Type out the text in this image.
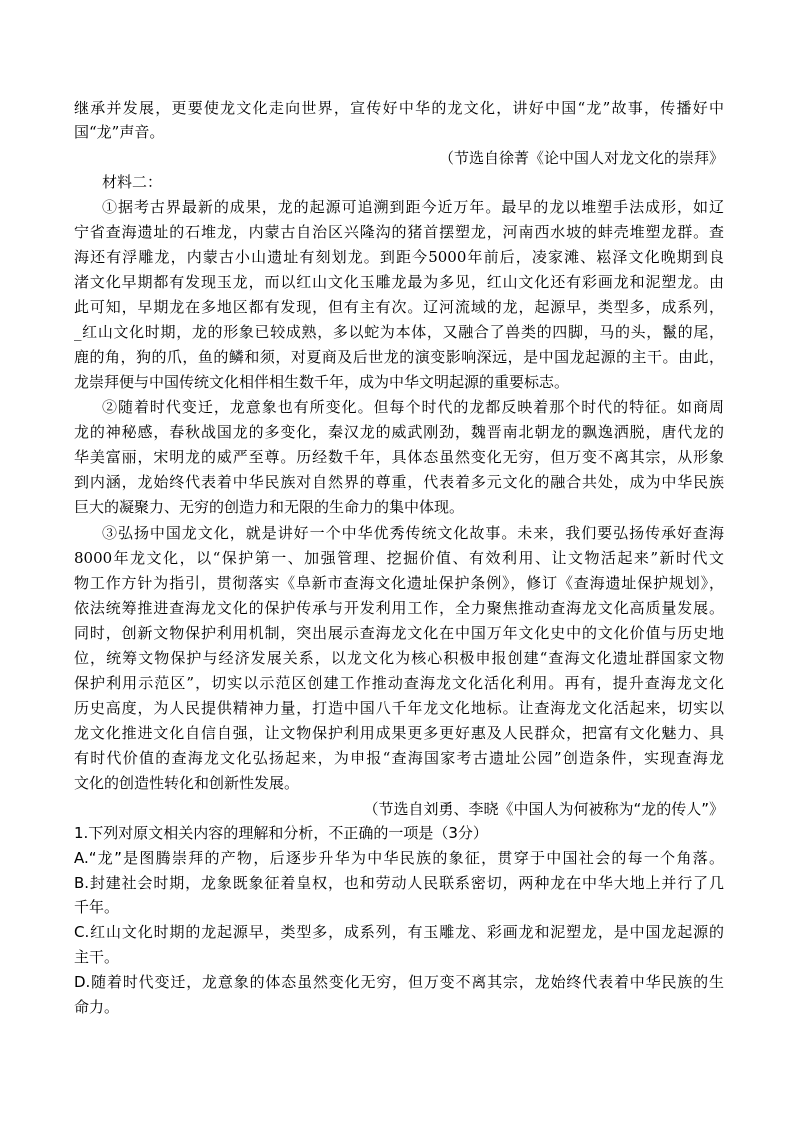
继承并发展，更要使龙文化走向世界，宣传好中华的龙文化，讲好中国“龙”故事，传播好中
国“龙”声音。
（节选自徐菁《论中国人对龙文化的崇拜》
材料二：
①据考古界最新的成果，龙的起源可追溯到距今近万年。最早的龙以堆塑手法成形，如辽
宁省查海遗址的石堆龙，内蒙古自治区兴隆沟的猪首摆塑龙，河南西水坡的蚌壳堆塑龙群。查
海还有浮雕龙，内蒙古小山遗址有刻划龙。到距今5000年前后，凌家滩、崧泽文化晚期到良
渚文化早期都有发现玉龙，而以红山文化玉雕龙最为多见，红山文化还有彩画龙和泥塑龙。由
此可知，早期龙在多地区都有发现，但有主有次。辽河流域的龙，起源早，类型多，成系列，
_红山文化时期，龙的形象已较成熟，多以蛇为本体，又融合了兽类的四脚，马的头，鬣的尾，
鹿的角，狗的爪，鱼的鳞和须，对夏商及后世龙的演变影响深远，是中国龙起源的主干。由此，
龙崇拜便与中国传统文化相伴相生数千年，成为中华文明起源的重要标志。
②随着时代变迁，龙意象也有所变化。但每个时代的龙都反映着那个时代的特征。如商周
龙的神秘感，春秋战国龙的多变化，秦汉龙的威武刚劲，魏晋南北朝龙的飘逸洒脱，唐代龙的
华美富丽，宋明龙的威严至尊。历经数千年，具体态虽然变化无穷，但万变不离其宗，从形象
到内涵，龙始终代表着中华民族对自然界的尊重，代表着多元文化的融合共处，成为中华民族
巨大的凝聚力、无穷的创造力和无限的生命力的集中体现。
③弘扬中国龙文化，就是讲好一个中华优秀传统文化故事。未来，我们要弘扬传承好查海
8000年龙文化，以“保护第一、加强管理、挖掘价值、有效利用、让文物活起来”新时代文
物工作方针为指引，贯彻落实《阜新市查海文化遗址保护条例》，修订《查海遗址保护规划》，
依法统筹推进查海龙文化的保护传承与开发利用工作，全力聚焦推动查海龙文化高质量发展。
同时，创新文物保护利用机制，突出展示查海龙文化在中国万年文化史中的文化价值与历史地
位，统筹文物保护与经济发展关系，以龙文化为核心积极申报创建“查海文化遗址群国家文物
保护利用示范区”，切实以示范区创建工作推动查海龙文化活化利用。再有，提升查海龙文化
历史高度，为人民提供精神力量，打造中国八千年龙文化地标。让查海龙文化活起来，切实以
龙文化推进文化自信自强，让文物保护利用成果更多更好惠及人民群众，把富有文化魅力、具
有时代价值的查海龙文化弘扬起来，为申报“查海国家考古遗址公园”创造条件，实现查海龙
文化的创造性转化和创新性发展。
（节选自刘勇、李晓《中国人为何被称为“龙的传人”》
1.下列对原文相关内容的理解和分析，不正确的一项是（3分）
A.“龙”是图腾崇拜的产物，后逐步升华为中华民族的象征，贯穿于中国社会的每一个角落。
B.封建社会时期，龙象既象征着皇权，也和劳动人民联系密切，两种龙在中华大地上并行了几
千年。
C.红山文化时期的龙起源早，类型多，成系列，有玉雕龙、彩画龙和泥塑龙，是中国龙起源的
主干。
D.随着时代变迁，龙意象的体态虽然变化无穷，但万变不离其宗，龙始终代表着中华民族的生
命力。
